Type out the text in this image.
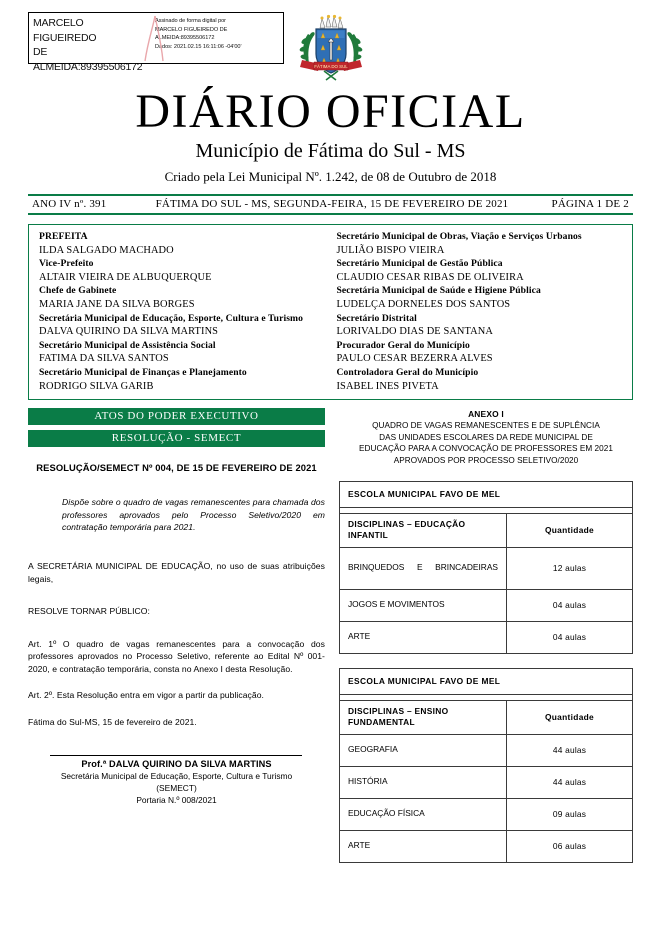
MARCELO FIGUEIREDO
DE
ALMEIDA:89395506172
Assinado de forma digital por
MARCELO FIGUEIREDO DE
ALMEIDA:89395506172
Dados: 2021.02.15 16:11:06 -04'00'
FÁTIMA DO SUL
DIÁRIO OFICIAL
Município de Fátima do Sul - MS
Criado pela Lei Municipal Nº. 1.242, de 08 de Outubro de 2018
ANO IV nº. 391	FÁTIMA DO SUL - MS, SEGUNDA-FEIRA, 15 DE FEVEREIRO DE 2021	PÁGINA 1 DE 2
PREFEITA
ILDA SALGADO MACHADO
Vice-Prefeito
ALTAIR VIEIRA DE ALBUQUERQUE
Chefe de Gabinete
MARIA JANE DA SILVA BORGES
Secretária Municipal de Educação, Esporte, Cultura e Turismo
DALVA QUIRINO DA SILVA MARTINS
Secretário Municipal de Assistência Social
FATIMA DA SILVA SANTOS
Secretário Municipal de Finanças e Planejamento
RODRIGO SILVA GARIB
Secretário Municipal de Obras, Viação e Serviços Urbanos
JULIÃO BISPO VIEIRA
Secretário Municipal de Gestão Pública
CLAUDIO CESAR RIBAS DE OLIVEIRA
Secretária Municipal de Saúde e Higiene Pública
LUDELÇA DORNELES DOS SANTOS
Secretário Distrital
LORIVALDO DIAS DE SANTANA
Procurador Geral do Município
PAULO CESAR BEZERRA ALVES
Controladora Geral do Município
ISABEL INES PIVETA
ATOS DO PODER EXECUTIVO
RESOLUÇÃO - SEMECT
RESOLUÇÃO/SEMECT Nº 004, DE 15 DE FEVEREIRO DE 2021
Dispõe sobre o quadro de vagas remanescentes para chamada dos professores aprovados pelo Processo Seletivo/2020 em contratação temporária para 2021.
A SECRETÁRIA MUNICIPAL DE EDUCAÇÃO, no uso de suas atribuições legais,
RESOLVE TORNAR PÚBLICO:
Art. 1º O quadro de vagas remanescentes para a convocação dos professores aprovados no Processo Seletivo, referente ao Edital Nº 001-2020, e contratação temporária, consta no Anexo I desta Resolução.
Art. 2º. Esta Resolução entra em vigor a partir da publicação.
Fátima do Sul-MS, 15 de fevereiro de 2021.
Prof.ª DALVA QUIRINO DA SILVA MARTINS
Secretária Municipal de Educação, Esporte, Cultura e Turismo
(SEMECT)
Portaria N.º 008/2021
ANEXO I
QUADRO DE VAGAS REMANESCENTES E DE SUPLÊNCIA
DAS UNIDADES ESCOLARES DA REDE MUNICIPAL DE
EDUCAÇÃO PARA A CONVOCAÇÃO DE PROFESSORES EM 2021
APROVADOS POR PROCESSO SELETIVO/2020
ESCOLA MUNICIPAL FAVO DE MEL	

DISCIPLINAS – EDUCAÇÃO INFANTIL	Quantidade
BRINQUEDOS E BRINCADEIRAS	12 aulas
JOGOS E MOVIMENTOS	04 aulas
ARTE	04 aulas
ESCOLA MUNICIPAL FAVO DE MEL	

DISCIPLINAS – ENSINO FUNDAMENTAL	Quantidade
GEOGRAFIA	44 aulas
HISTÓRIA	44 aulas
EDUCAÇÃO FÍSICA	09 aulas
ARTE	06 aulas
